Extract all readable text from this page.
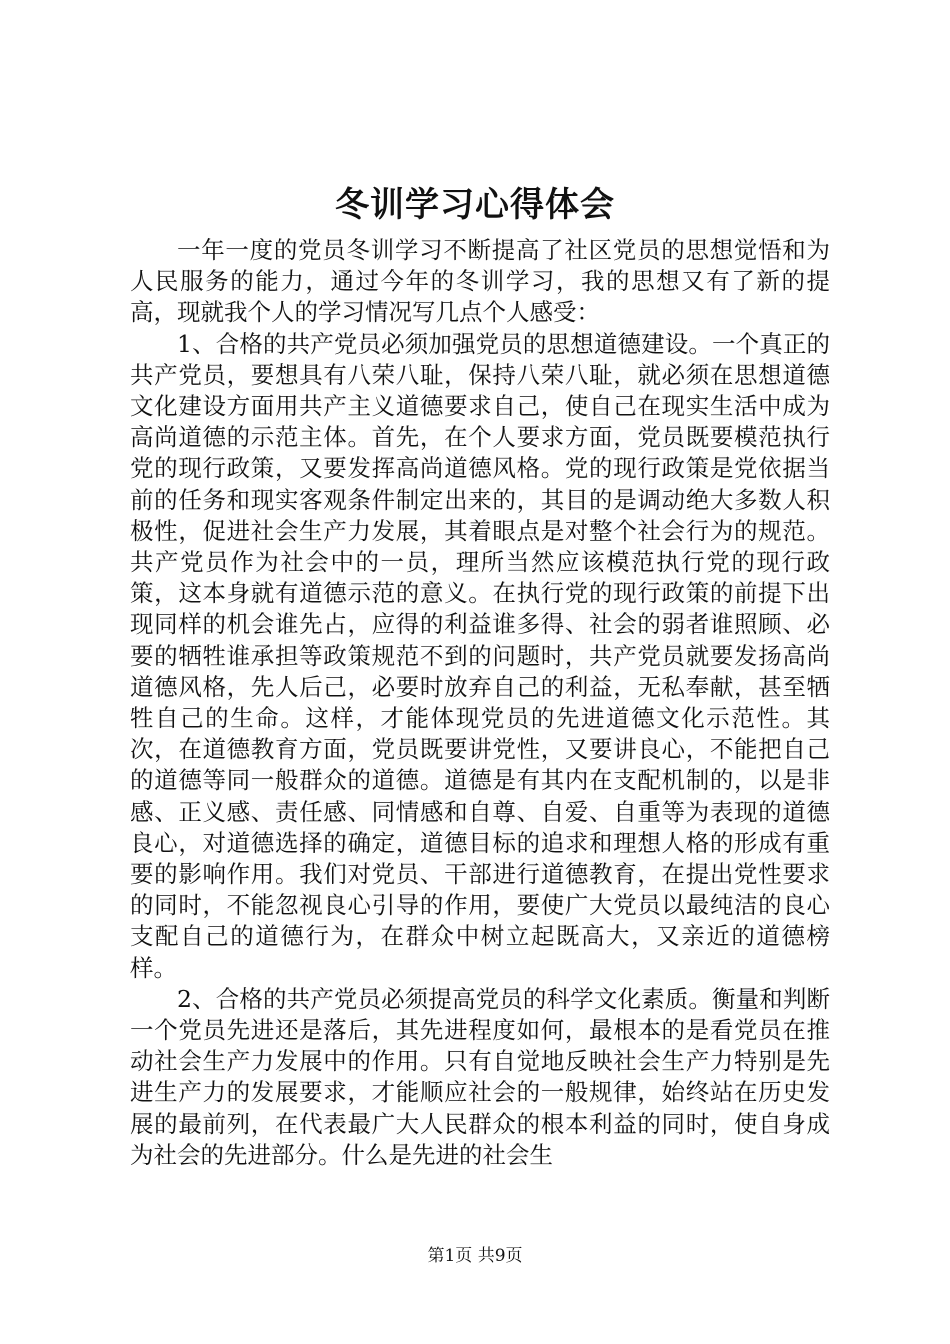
冬训学习心得体会

一年一度的党员冬训学习不断提高了社区党员的思想觉悟和为人民服务的能力，通过今年的冬训学习，我的思想又有了新的提高，现就我个人的学习情况写几点个人感受：

1、合格的共产党员必须加强党员的思想道德建设。一个真正的共产党员，要想具有八荣八耻，保持八荣八耻，就必须在思想道德文化建设方面用共产主义道德要求自己，使自己在现实生活中成为高尚道德的示范主体。首先，在个人要求方面，党员既要模范执行党的现行政策，又要发挥高尚道德风格。党的现行政策是党依据当前的任务和现实客观条件制定出来的，其目的是调动绝大多数人积极性，促进社会生产力发展，其着眼点是对整个社会行为的规范。共产党员作为社会中的一员，理所当然应该模范执行党的现行政策，这本身就有道德示范的意义。在执行党的现行政策的前提下出现同样的机会谁先占，应得的利益谁多得、社会的弱者谁照顾、必要的牺牲谁承担等政策规范不到的问题时，共产党员就要发扬高尚道德风格，先人后己，必要时放弃自己的利益，无私奉献，甚至牺牲自己的生命。这样，才能体现党员的先进道德文化示范性。其次，在道德教育方面，党员既要讲党性，又要讲良心，不能把自己的道德等同一般群众的道德。道德是有其内在支配机制的，以是非感、正义感、责任感、同情感和自尊、自爱、自重等为表现的道德良心，对道德选择的确定，道德目标的追求和理想人格的形成有重要的影响作用。我们对党员、干部进行道德教育，在提出党性要求的同时，不能忽视良心引导的作用，要使广大党员以最纯洁的良心支配自己的道德行为，在群众中树立起既高大，又亲近的道德榜样。

2、合格的共产党员必须提高党员的科学文化素质。衡量和判断一个党员先进还是落后，其先进程度如何，最根本的是看党员在推动社会生产力发展中的作用。只有自觉地反映社会生产力特别是先进生产力的发展要求，才能顺应社会的一般规律，始终站在历史发展的最前列，在代表最广大人民群众的根本利益的同时，使自身成为社会的先进部分。什么是先进的社会生

第1页 共9页
